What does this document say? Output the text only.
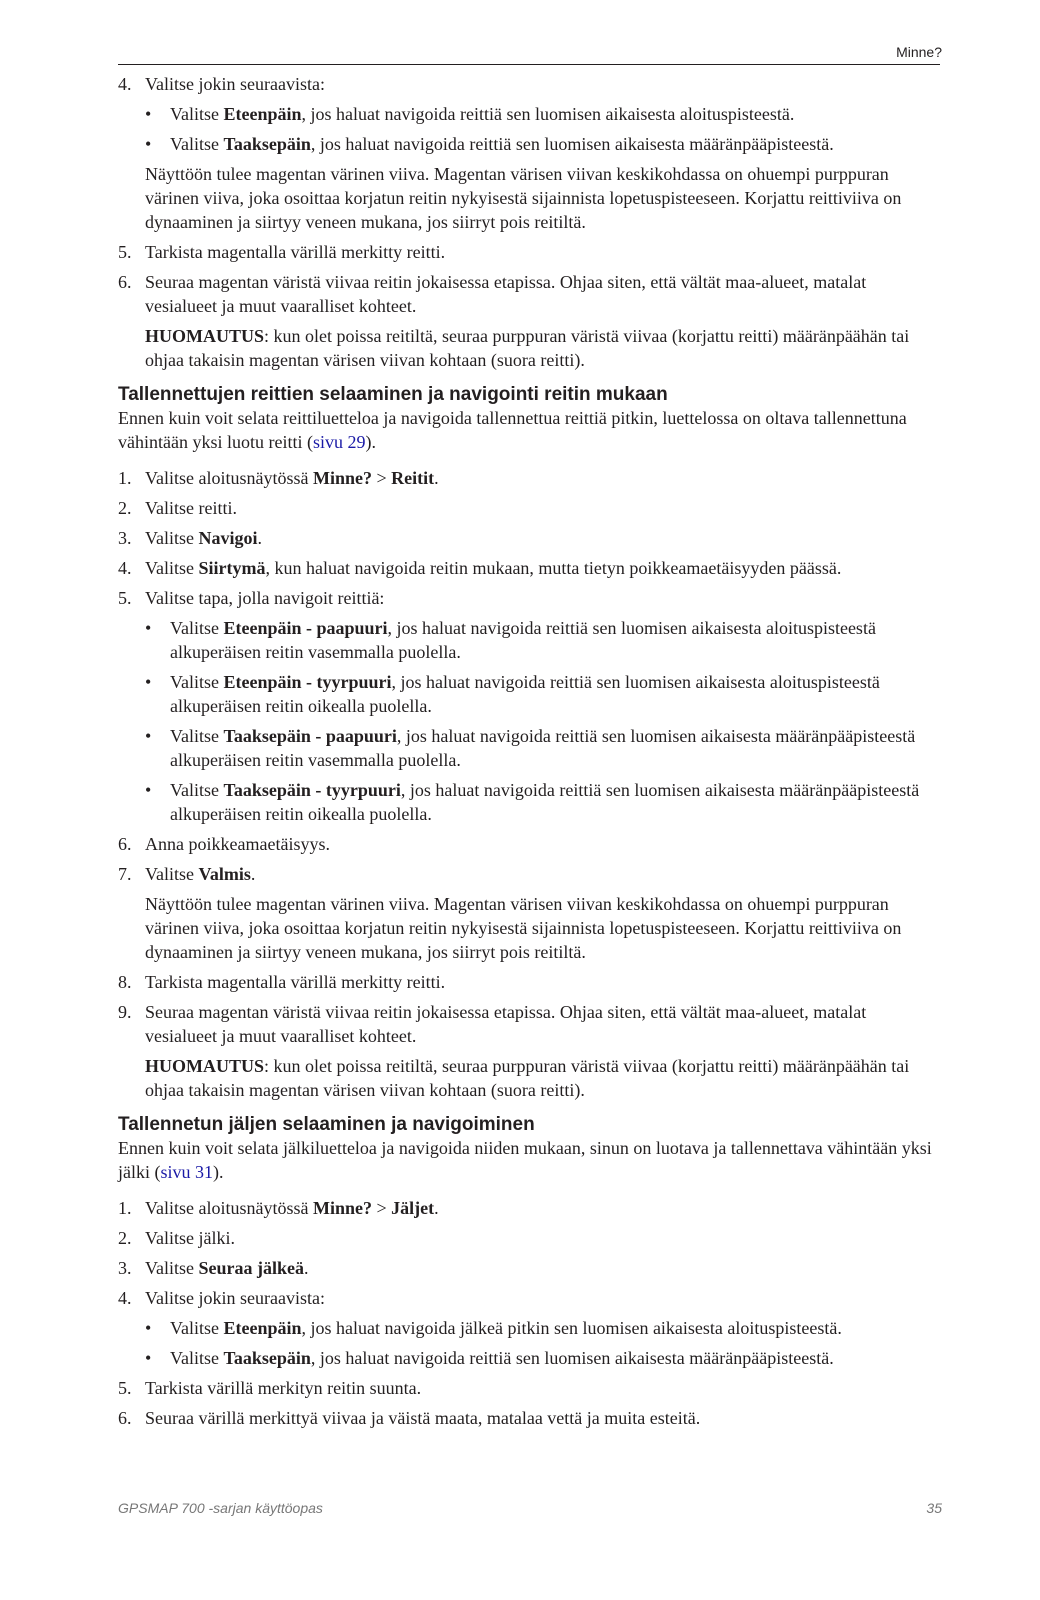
Minne?
4. Valitse jokin seuraavista:
• Valitse Eteenpäin, jos haluat navigoida reittiä sen luomisen aikaisesta aloituspisteestä.
• Valitse Taaksepäin, jos haluat navigoida reittiä sen luomisen aikaisesta määränpääpisteestä.
Näyttöön tulee magentan värinen viiva. Magentan värisen viivan keskikohdassa on ohuempi purppuran värinen viiva, joka osoittaa korjatun reitin nykyisestä sijainnista lopetuspisteeseen. Korjattu reittiviiva on dynaaminen ja siirtyy veneen mukana, jos siirryt pois reitiltä.
5. Tarkista magentalla värillä merkitty reitti.
6. Seuraa magentan väristä viivaa reitin jokaisessa etapissa. Ohjaa siten, että vältät maa-alueet, matalat vesialueet ja muut vaaralliset kohteet.
HUOMAUTUS: kun olet poissa reitiltä, seuraa purppuran väristä viivaa (korjattu reitti) määränpäähän tai ohjaa takaisin magentan värisen viivan kohtaan (suora reitti).
Tallennettujen reittien selaaminen ja navigointi reitin mukaan
Ennen kuin voit selata reittiluetteloa ja navigoida tallennettua reittiä pitkin, luettelossa on oltava tallennettuna vähintään yksi luotu reitti (sivu 29).
1. Valitse aloitusnäytössä Minne? > Reitit.
2. Valitse reitti.
3. Valitse Navigoi.
4. Valitse Siirtymä, kun haluat navigoida reitin mukaan, mutta tietyn poikkeamaetäisyyden päässä.
5. Valitse tapa, jolla navigoit reittiä:
• Valitse Eteenpäin - paapuuri, jos haluat navigoida reittiä sen luomisen aikaisesta aloituspisteestä alkuperäisen reitin vasemmalla puolella.
• Valitse Eteenpäin - tyyrpuuri, jos haluat navigoida reittiä sen luomisen aikaisesta aloituspisteestä alkuperäisen reitin oikealla puolella.
• Valitse Taaksepäin - paapuuri, jos haluat navigoida reittiä sen luomisen aikaisesta määränpääpisteestä alkuperäisen reitin vasemmalla puolella.
• Valitse Taaksepäin - tyyrpuuri, jos haluat navigoida reittiä sen luomisen aikaisesta määränpääpisteestä alkuperäisen reitin oikealla puolella.
6. Anna poikkeamaetäisyys.
7. Valitse Valmis.
Näyttöön tulee magentan värinen viiva. Magentan värisen viivan keskikohdassa on ohuempi purppuran värinen viiva, joka osoittaa korjatun reitin nykyisestä sijainnista lopetuspisteeseen. Korjattu reittiviiva on dynaaminen ja siirtyy veneen mukana, jos siirryt pois reitiltä.
8. Tarkista magentalla värillä merkitty reitti.
9. Seuraa magentan väristä viivaa reitin jokaisessa etapissa. Ohjaa siten, että vältät maa-alueet, matalat vesialueet ja muut vaaralliset kohteet.
HUOMAUTUS: kun olet poissa reitiltä, seuraa purppuran väristä viivaa (korjattu reitti) määränpäähän tai ohjaa takaisin magentan värisen viivan kohtaan (suora reitti).
Tallennetun jäljen selaaminen ja navigoiminen
Ennen kuin voit selata jälkiluetteloa ja navigoida niiden mukaan, sinun on luotava ja tallennettava vähintään yksi jälki (sivu 31).
1. Valitse aloitusnäytössä Minne? > Jäljet.
2. Valitse jälki.
3. Valitse Seuraa jälkeä.
4. Valitse jokin seuraavista:
• Valitse Eteenpäin, jos haluat navigoida jälkeä pitkin sen luomisen aikaisesta aloituspisteestä.
• Valitse Taaksepäin, jos haluat navigoida reittiä sen luomisen aikaisesta määränpääpisteestä.
5. Tarkista värillä merkityn reitin suunta.
6. Seuraa värillä merkittyä viivaa ja väistä maata, matalaa vettä ja muita esteitä.
GPSMAP 700 -sarjan käyttöopas	35
